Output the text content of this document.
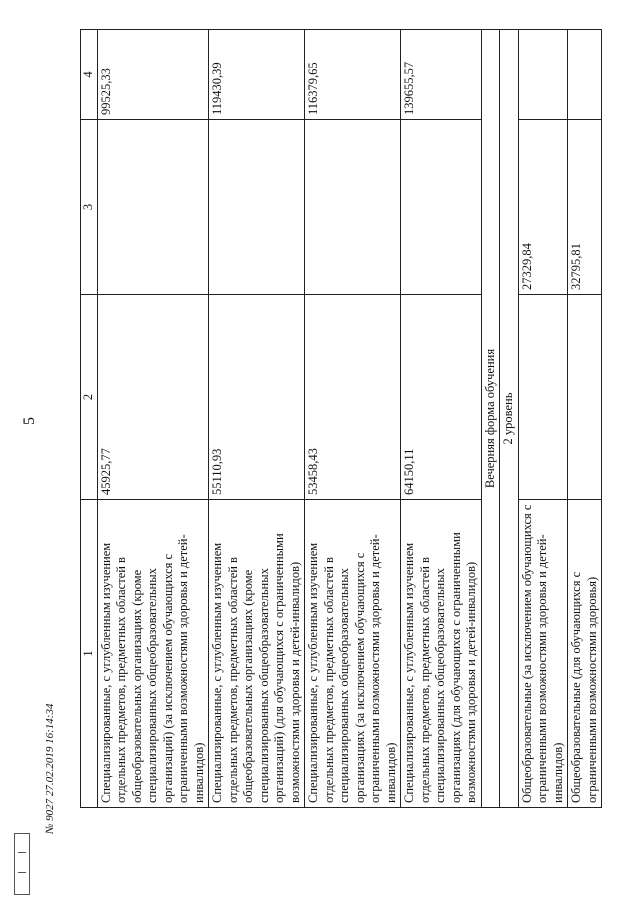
5
1	2	3	4
Специализированные, с углубленным изучением отдельных предметов, предметных областей в общеобразовательных организациях (кроме специализированных общеобразовательных организаций) (за исключением обучающихся с ограниченными возможностями здоровья и детей-инвалидов)	45925,77		99525,33
Специализированные, с углубленным изучением отдельных предметов, предметных областей в общеобразовательных организациях (кроме специализированных общеобразовательных организаций) (для обучающихся с ограниченными возможностями здоровья и детей-инвалидов)	55110,93		119430,39
Специализированные, с углубленным изучением отдельных предметов, предметных областей в специализированных общеобразовательных организациях (за исключением обучающихся с ограниченными возможностями здоровья и детей-инвалидов)	53458,43		116379,65
Специализированные, с углубленным изучением отдельных предметов, предметных областей в специализированных общеобразовательных организациях (для обучающихся с ограниченными возможностями здоровья и детей-инвалидов)	64150,11		139655,57
Вечерняя форма обучения			
2 уровень			
Общеобразовательные (за исключением обучающихся с ограниченными возможностями здоровья и детей-инвалидов)		27329,84	
Общеобразовательные (для обучающихся с ограниченными возможностями здоровья)		32795,81	
№ 9027 27.02.2019 16:14:34
